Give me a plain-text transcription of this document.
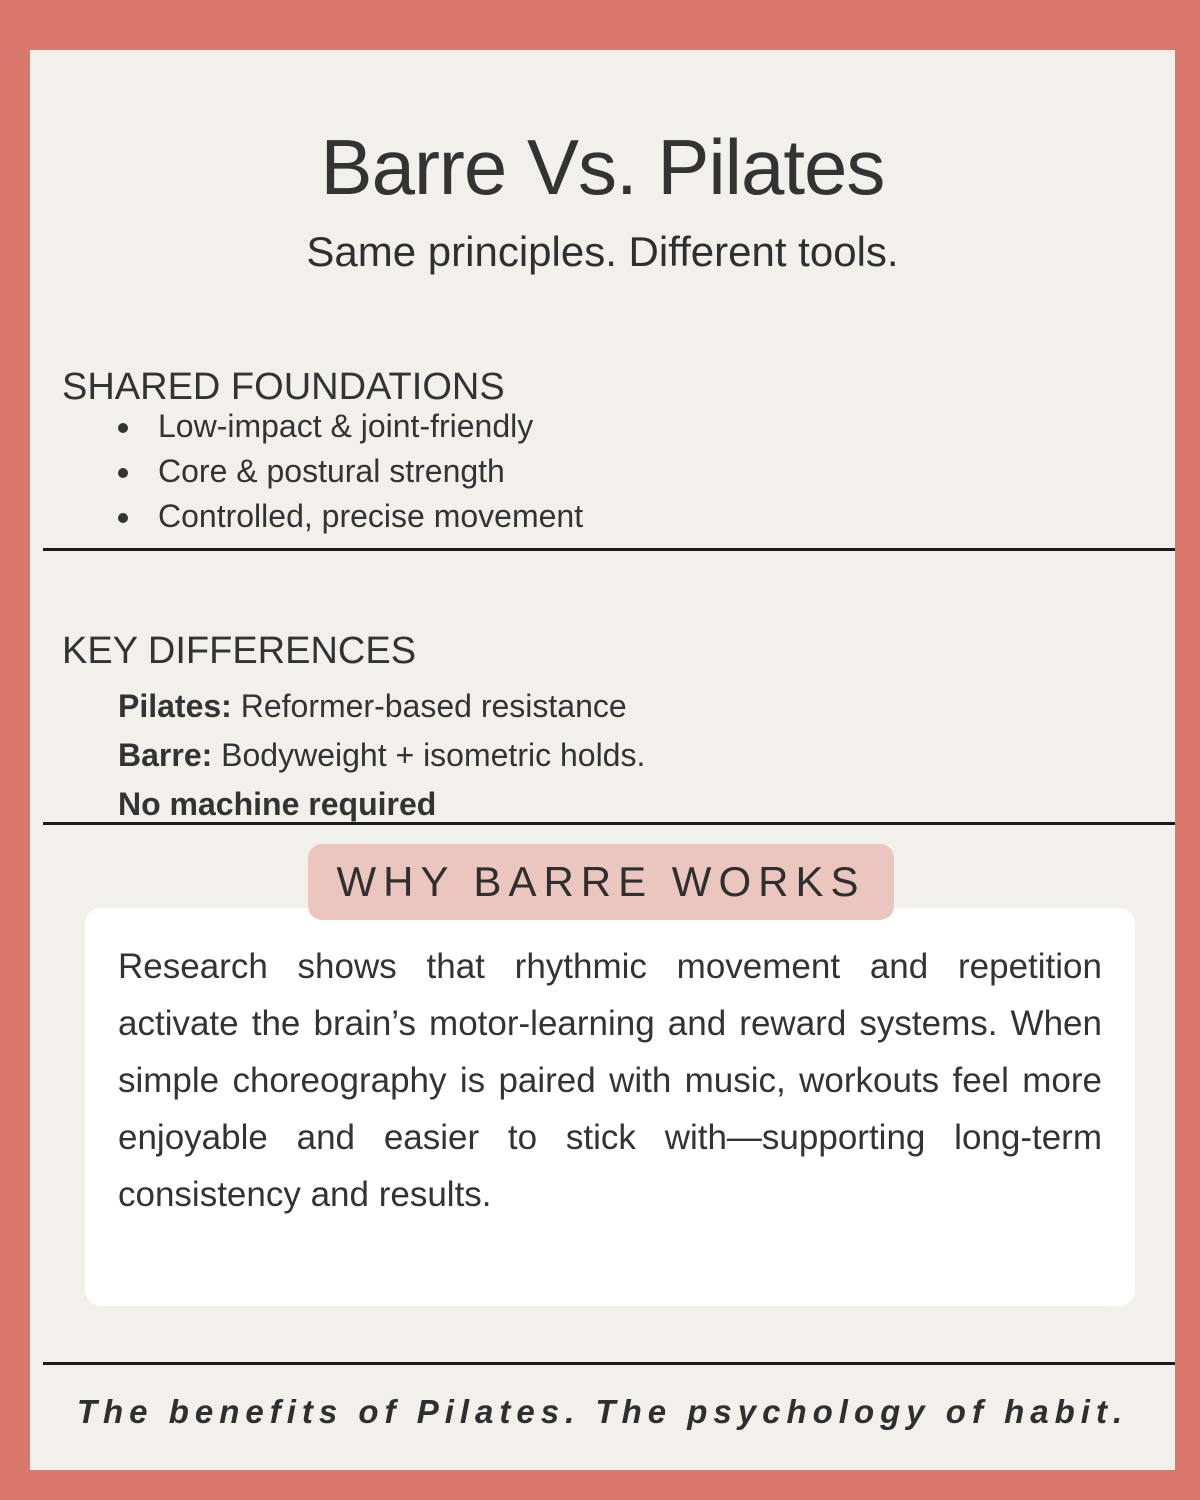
Barre Vs. Pilates
Same principles. Different tools.
SHARED FOUNDATIONS
Low-impact & joint-friendly
Core & postural strength
Controlled, precise movement
KEY DIFFERENCES
Pilates: Reformer-based resistance
Barre: Bodyweight + isometric holds.
No machine required

Research shows that rhythmic movement and repetition activate the brain’s motor-learning and reward systems. When simple choreography is paired with music, workouts feel more enjoyable and easier to stick with—supporting long-term consistency and results.

WHY BARRE WORKS
The benefits of Pilates. The psychology of habit.
